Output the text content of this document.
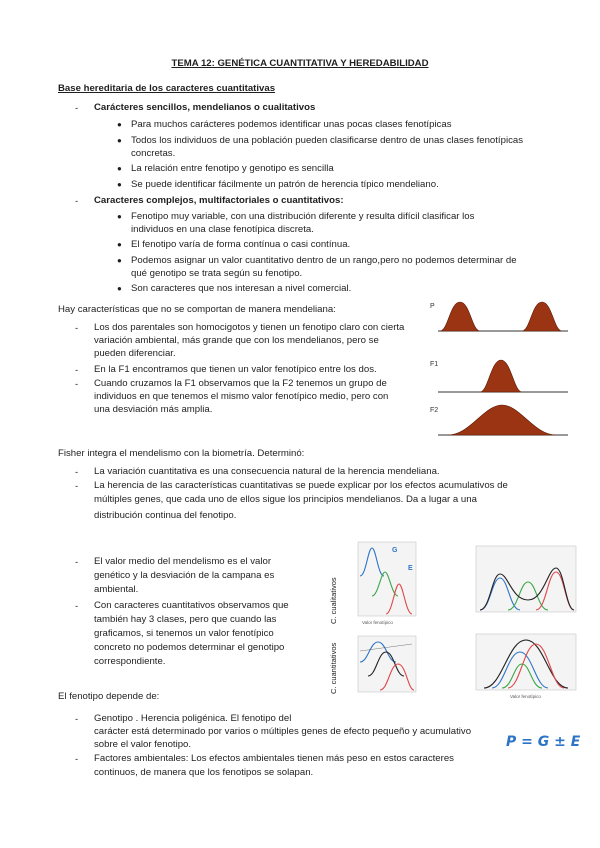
TEMA 12: GENÉTICA CUANTITATIVA Y HEREDABILIDAD
Base hereditaria de los caracteres cuantitativas
- Carácteres sencillos, mendelianos o cualitativos
● Para muchos carácteres podemos identificar unas pocas clases fenotípicas
● Todos los individuos de una población pueden clasificarse dentro de unas clases fenotípicas
concretas.
● La relación entre fenotipo y genotipo es sencilla
● Se puede identificar fácilmente un patrón de herencia típico mendeliano.
- Caracteres complejos, multifactoriales o cuantitativos:
● Fenotipo muy variable, con una distribución diferente y resulta difícil clasificar los
individuos en una clase fenotípica discreta.
● El fenotipo varía de forma contínua o casi contínua.
● Podemos asignar un valor cuantitativo dentro de un rango,pero no podemos determinar de
qué genotipo se trata según su fenotipo.
● Son caracteres que nos interesan a nivel comercial.
Hay características que no se comportan de manera mendeliana:
- Los dos parentales son homocigotos y tienen un fenotipo claro con cierta
variación ambiental, más grande que con los mendelianos, pero se
pueden diferenciar.
- En la F1 encontramos que tienen un valor fenotípico entre los dos.
- Cuando cruzamos la F1 observamos que la F2 tenemos un grupo de
individuos en que tenemos el mismo valor fenotípico medio, pero con
una desviación más amplia.
P
F1
F2
Fisher integra el mendelismo con la biometría. Determinó:
- La variación cuantitativa es una consecuencia natural de la herencia mendeliana.
- La herencia de las características cuantitativas se puede explicar por los efectos acumulativos de
múltiples genes, que cada uno de ellos sigue los principios mendelianos. Da a lugar a una
distribución continua del fenotipo.
- El valor medio del mendelismo es el valor
genético y la desviación de la campana es
ambiental.
- Con caracteres cuantitativos observamos que
también hay 3 clases, pero que cuando las
graficamos, si tenemos un valor fenotípico
concreto no podemos determinar el genotipo
correspondiente.
C. cualitativos
C. cuantitativos
G
E
Valor fenotípico
Valor fenotípico
El fenotipo depende de:
- Genotipo . Herencia poligénica. El fenotipo del
carácter está determinado por varios o múltiples genes de efecto pequeño y acumulativo
sobre el valor fenotipo.
- Factores ambientales: Los efectos ambientales tienen más peso en estos caracteres
continuos, de manera que los fenotipos se solapan.
P = G ± E
